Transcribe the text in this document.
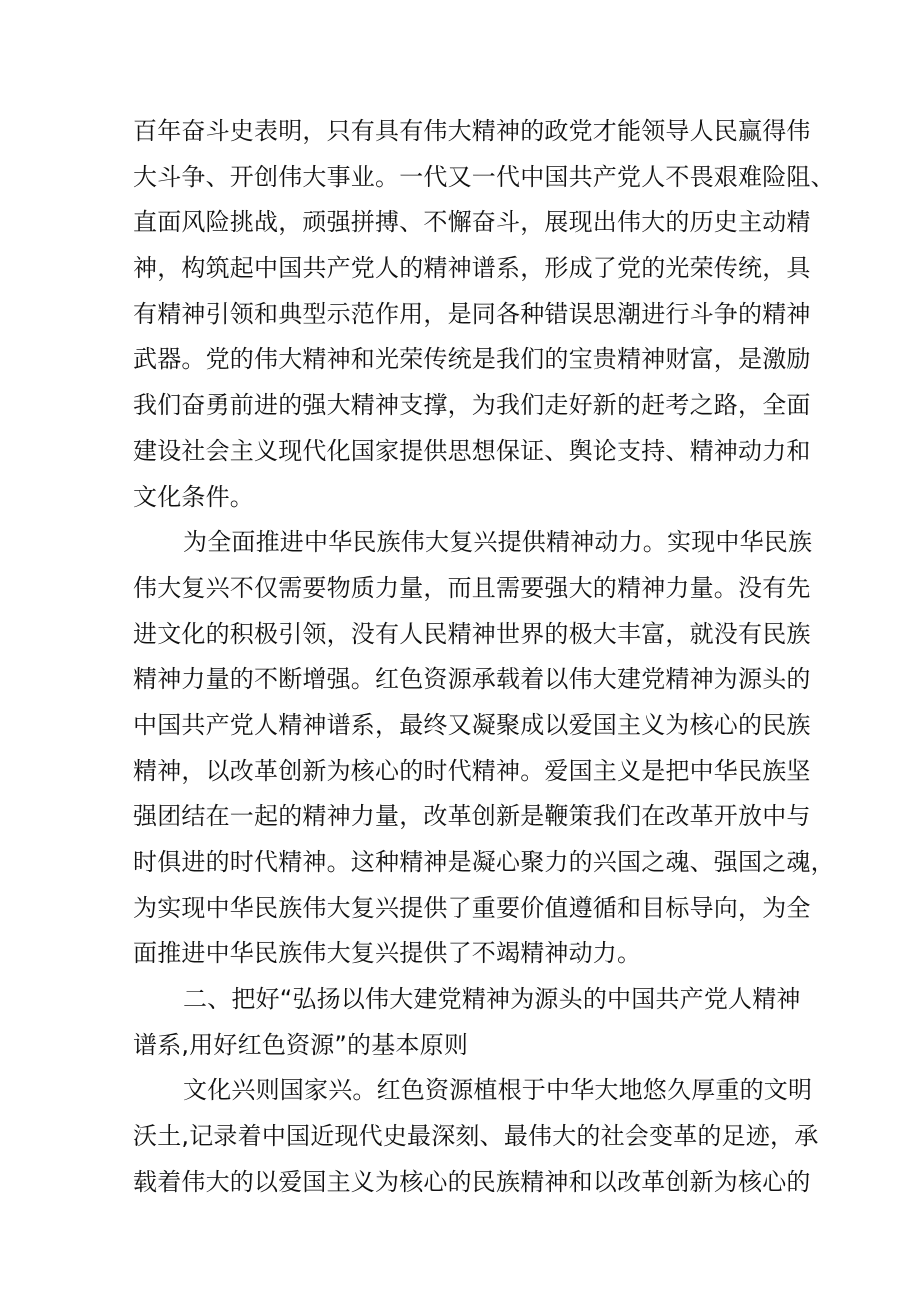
百年奋斗史表明，只有具有伟大精神的政党才能领导人民赢得伟
大斗争、开创伟大事业。一代又一代中国共产党人不畏艰难险阻、
直面风险挑战，顽强拼搏、不懈奋斗，展现出伟大的历史主动精
神，构筑起中国共产党人的精神谱系，形成了党的光荣传统，具
有精神引领和典型示范作用，是同各种错误思潮进行斗争的精神
武器。党的伟大精神和光荣传统是我们的宝贵精神财富，是激励
我们奋勇前进的强大精神支撑，为我们走好新的赶考之路，全面
建设社会主义现代化国家提供思想保证、舆论支持、精神动力和
文化条件。
为全面推进中华民族伟大复兴提供精神动力。实现中华民族
伟大复兴不仅需要物质力量，而且需要强大的精神力量。没有先
进文化的积极引领，没有人民精神世界的极大丰富，就没有民族
精神力量的不断增强。红色资源承载着以伟大建党精神为源头的
中国共产党人精神谱系，最终又凝聚成以爱国主义为核心的民族
精神，以改革创新为核心的时代精神。爱国主义是把中华民族坚
强团结在一起的精神力量，改革创新是鞭策我们在改革开放中与
时俱进的时代精神。这种精神是凝心聚力的兴国之魂、强国之魂，
为实现中华民族伟大复兴提供了重要价值遵循和目标导向，为全
面推进中华民族伟大复兴提供了不竭精神动力。
二、把好“弘扬以伟大建党精神为源头的中国共产党人精神
谱系,用好红色资源”的基本原则
文化兴则国家兴。红色资源植根于中华大地悠久厚重的文明
沃土,记录着中国近现代史最深刻、最伟大的社会变革的足迹，承
载着伟大的以爱国主义为核心的民族精神和以改革创新为核心的
